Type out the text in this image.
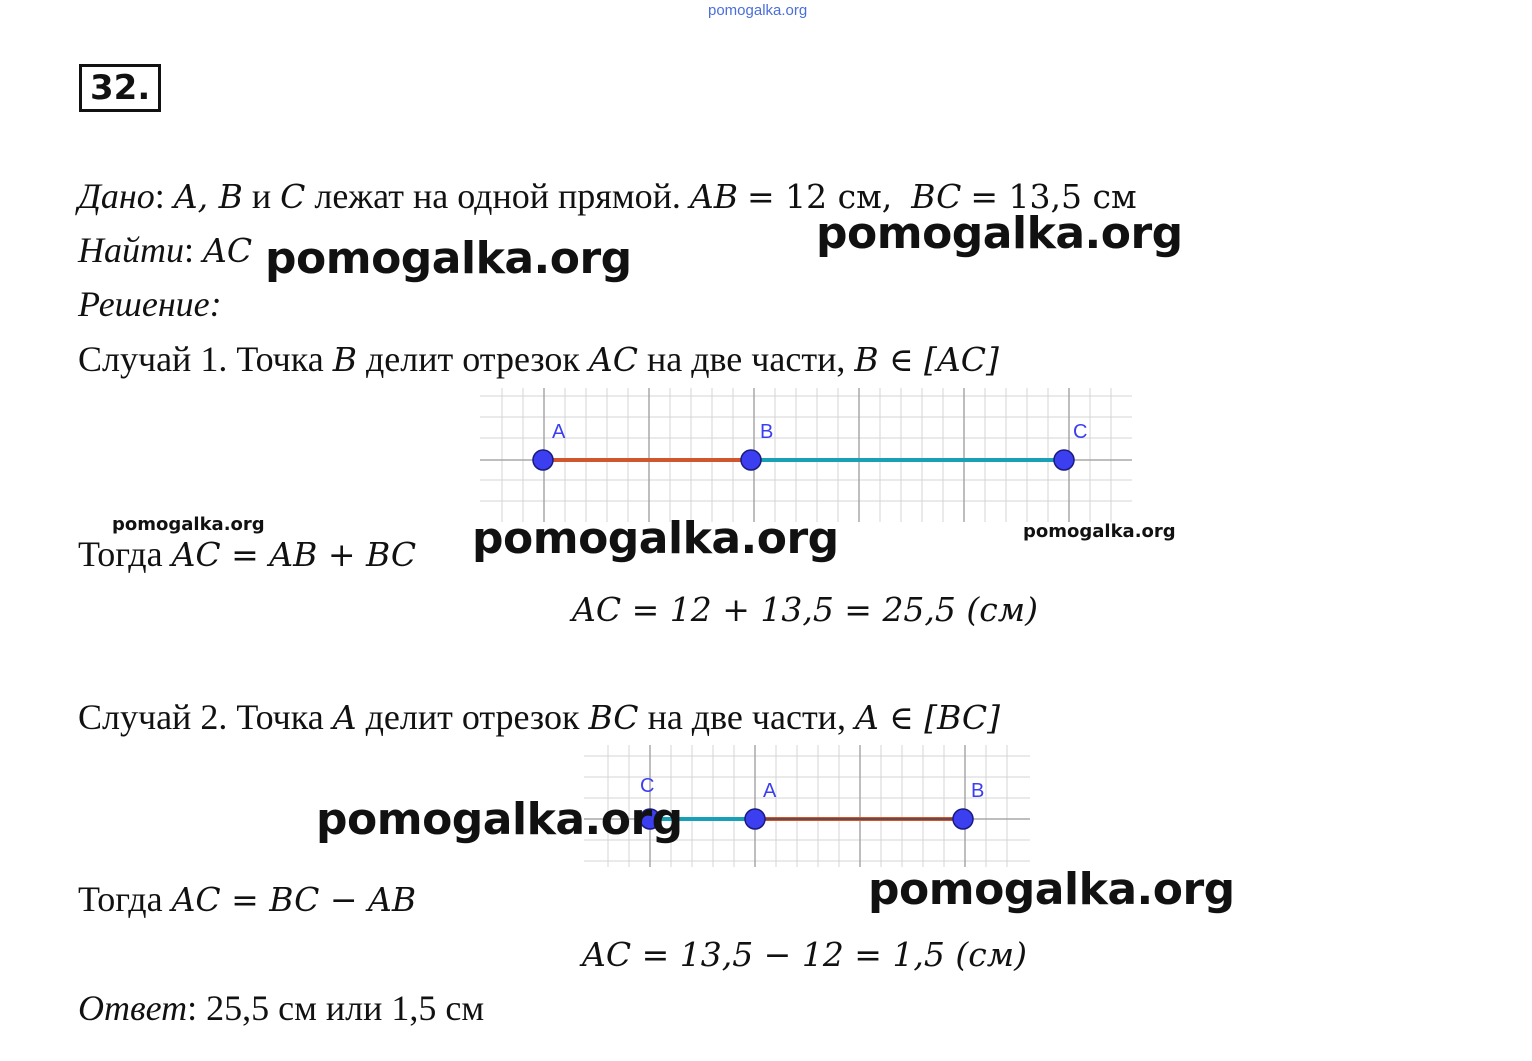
pomogalka.org
32.
Дано: A, B и C лежат на одной прямой. AB = 12 см, BC = 13,5 см
Найти: AC
Решение:
Случай 1. Точка B делит отрезок AC на две части, B ∈ [AC]
A	B	C
Тогда AC = AB + BC
AC = 12 + 13,5 = 25,5 (см)
Случай 2. Точка A делит отрезок BC на две части, A ∈ [BC]
C	A	B
Тогда AC = BC − AB
AC = 13,5 − 12 = 1,5 (см)
Ответ: 25,5 см или 1,5 см
pomogalka.org
pomogalka.org
pomogalka.org	pomogalka.org	pomogalka.org
pomogalka.org
pomogalka.org
